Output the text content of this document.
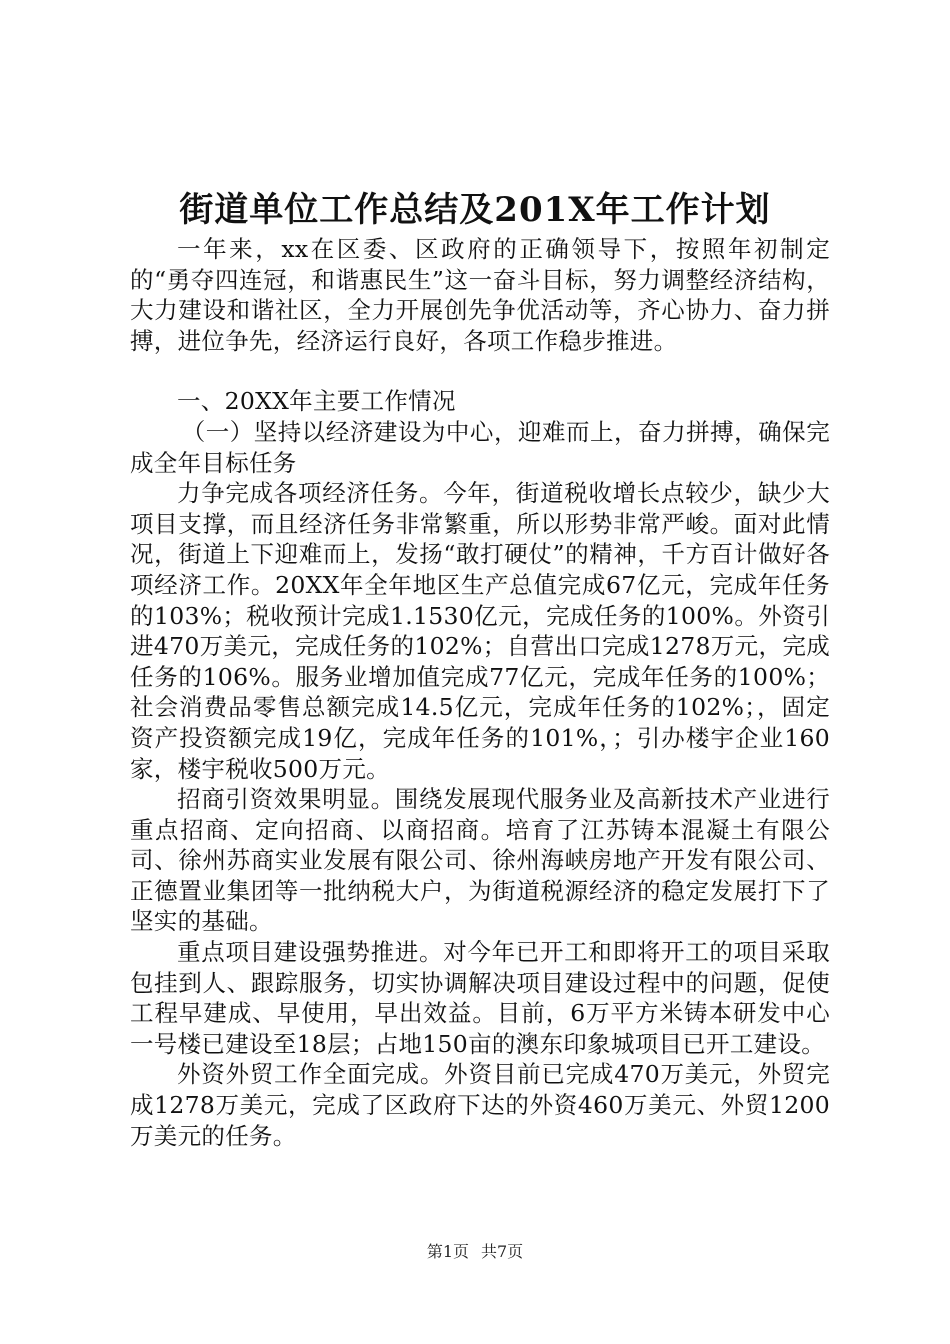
街道单位工作总结及201X年工作计划

一年来，xx在区委、区政府的正确领导下，按照年初制定的“勇夺四连冠，和谐惠民生”这一奋斗目标，努力调整经济结构，大力建设和谐社区，全力开展创先争优活动等，齐心协力、奋力拼搏，进位争先，经济运行良好，各项工作稳步推进。

一、20XX年主要工作情况

（一）坚持以经济建设为中心，迎难而上，奋力拼搏，确保完成全年目标任务

力争完成各项经济任务。今年，街道税收增长点较少，缺少大项目支撑，而且经济任务非常繁重，所以形势非常严峻。面对此情况，街道上下迎难而上，发扬“敢打硬仗”的精神，千方百计做好各项经济工作。20XX年全年地区生产总值完成67亿元，完成年任务的103%；税收预计完成1.1530亿元，完成任务的100%。外资引进470万美元，完成任务的102%；自营出口完成1278万元，完成任务的106%。服务业增加值完成77亿元，完成年任务的100%；社会消费品零售总额完成14.5亿元，完成年任务的102%；，固定资产投资额完成19亿，完成年任务的101%，；引办楼宇企业160家，楼宇税收500万元。

招商引资效果明显。围绕发展现代服务业及高新技术产业进行重点招商、定向招商、以商招商。培育了江苏铸本混凝土有限公司、徐州苏商实业发展有限公司、徐州海峡房地产开发有限公司、正德置业集团等一批纳税大户，为街道税源经济的稳定发展打下了坚实的基础。

重点项目建设强势推进。对今年已开工和即将开工的项目采取包挂到人、跟踪服务，切实协调解决项目建设过程中的问题，促使工程早建成、早使用，早出效益。目前，6万平方米铸本研发中心一号楼已建设至18层；占地150亩的澳东印象城项目已开工建设。

外资外贸工作全面完成。外资目前已完成470万美元，外贸完成1278万美元，完成了区政府下达的外资460万美元、外贸1200万美元的任务。

第1页 共7页
